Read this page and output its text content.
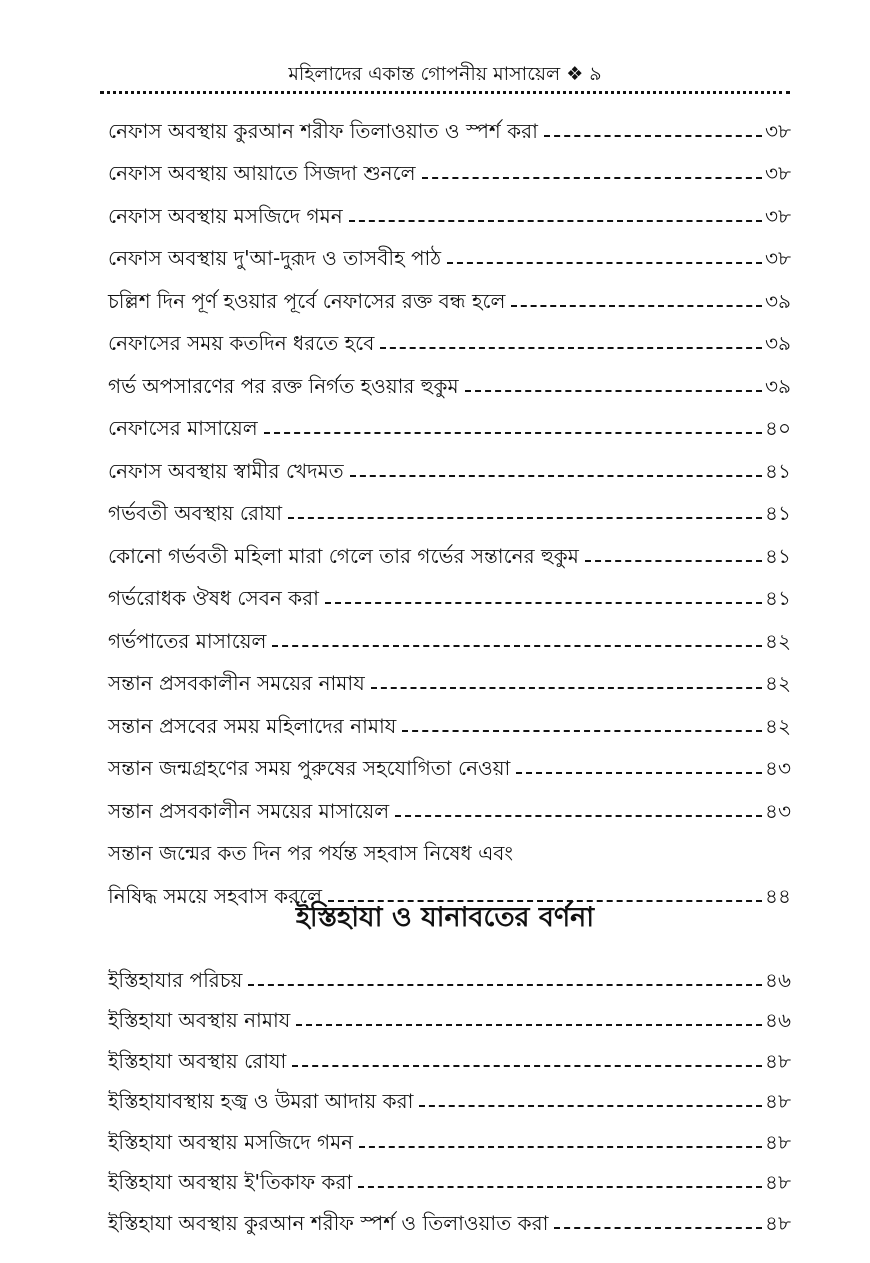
মহিলাদের একান্ত গোপনীয় মাসায়েল ❖ ৯
নেফাস অবস্থায় কুরআন শরীফ তিলাওয়াত ও স্পর্শ করা	৩৮
নেফাস অবস্থায় আয়াতে সিজদা শুনলে	৩৮
নেফাস অবস্থায় মসজিদে গমন	৩৮
নেফাস অবস্থায় দু'আ-দুরূদ ও তাসবীহ পাঠ	৩৮
চল্লিশ দিন পূর্ণ হওয়ার পূর্বে নেফাসের রক্ত বন্ধ হলে	৩৯
নেফাসের সময় কতদিন ধরতে হবে	৩৯
গর্ভ অপসারণের পর রক্ত নির্গত হওয়ার হুকুম	৩৯
নেফাসের মাসায়েল	৪০
নেফাস অবস্থায় স্বামীর খেদমত	৪১
গর্ভবতী অবস্থায় রোযা	৪১
কোনো গর্ভবতী মহিলা মারা গেলে তার গর্ভের সন্তানের হুকুম	৪১
গর্ভরোধক ঔষধ সেবন করা	৪১
গর্ভপাতের মাসায়েল	৪২
সন্তান প্রসবকালীন সময়ের নামায	৪২
সন্তান প্রসবের সময় মহিলাদের নামায	৪২
সন্তান জন্মগ্রহণের সময় পুরুষের সহযোগিতা নেওয়া	৪৩
সন্তান প্রসবকালীন সময়ের মাসায়েল	৪৩
সন্তান জন্মের কত দিন পর পর্যন্ত সহবাস নিষেধ এবং
নিষিদ্ধ সময়ে সহবাস করলে	৪৪
ইস্তিহাযা ও যানাবতের বর্ণনা
ইস্তিহাযার পরিচয়	৪৬
ইস্তিহাযা অবস্থায় নামায	৪৬
ইস্তিহাযা অবস্থায় রোযা	৪৮
ইস্তিহাযাবস্থায় হজ্ব ও উমরা আদায় করা	৪৮
ইস্তিহাযা অবস্থায় মসজিদে গমন	৪৮
ইস্তিহাযা অবস্থায় ই'তিকাফ করা	৪৮
ইস্তিহাযা অবস্থায় কুরআন শরীফ স্পর্শ ও তিলাওয়াত করা	৪৮
